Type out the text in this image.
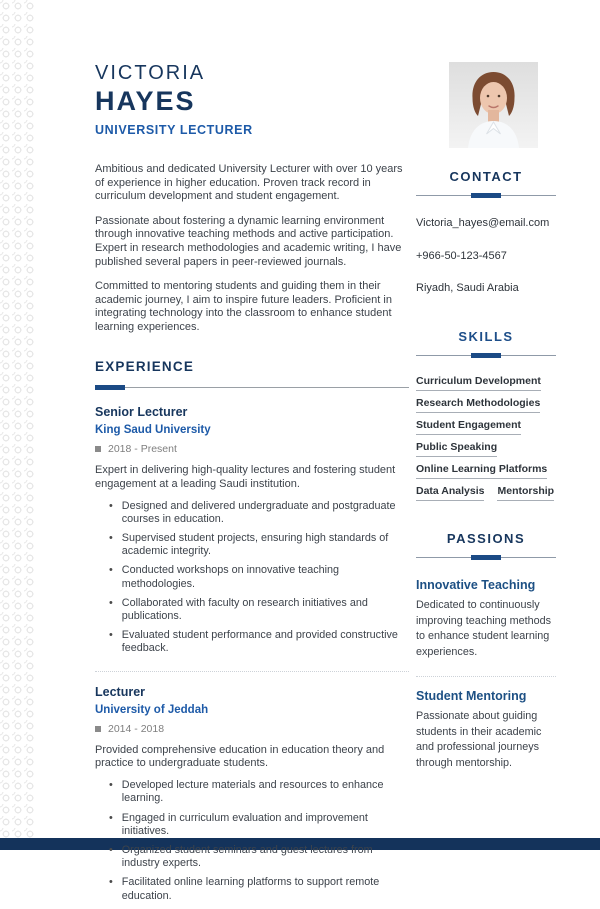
VICTORIA
HAYES
UNIVERSITY LECTURER

Ambitious and dedicated University Lecturer with over 10 years of experience in higher education. Proven track record in curriculum development and student engagement.

Passionate about fostering a dynamic learning environment through innovative teaching methods and active participation. Expert in research methodologies and academic writing, I have published several papers in peer-reviewed journals.

Committed to mentoring students and guiding them in their academic journey, I aim to inspire future leaders. Proficient in integrating technology into the classroom to enhance student learning experiences.

EXPERIENCE
Senior Lecturer
King Saud University
2018 - Present
Expert in delivering high-quality lectures and fostering student engagement at a leading Saudi institution.
• Designed and delivered undergraduate and postgraduate courses in education.
• Supervised student projects, ensuring high standards of academic integrity.
• Conducted workshops on innovative teaching methodologies.
• Collaborated with faculty on research initiatives and publications.
• Evaluated student performance and provided constructive feedback.
Lecturer
University of Jeddah
2014 - 2018
Provided comprehensive education in education theory and practice to undergraduate students.
• Developed lecture materials and resources to enhance learning.
• Engaged in curriculum evaluation and improvement initiatives.
• Organized student seminars and guest lectures from industry experts.
• Facilitated online learning platforms to support remote education.
CONTACT
Victoria_hayes@email.com
+966-50-123-4567
Riyadh, Saudi Arabia
SKILLS
Curriculum Development
Research Methodologies
Student Engagement
Public Speaking
Online Learning Platforms
Data Analysis Mentorship
PASSIONS
Innovative Teaching
Dedicated to continuously improving teaching methods to enhance student learning experiences.
Student Mentoring
Passionate about guiding students in their academic and professional journeys through mentorship.
